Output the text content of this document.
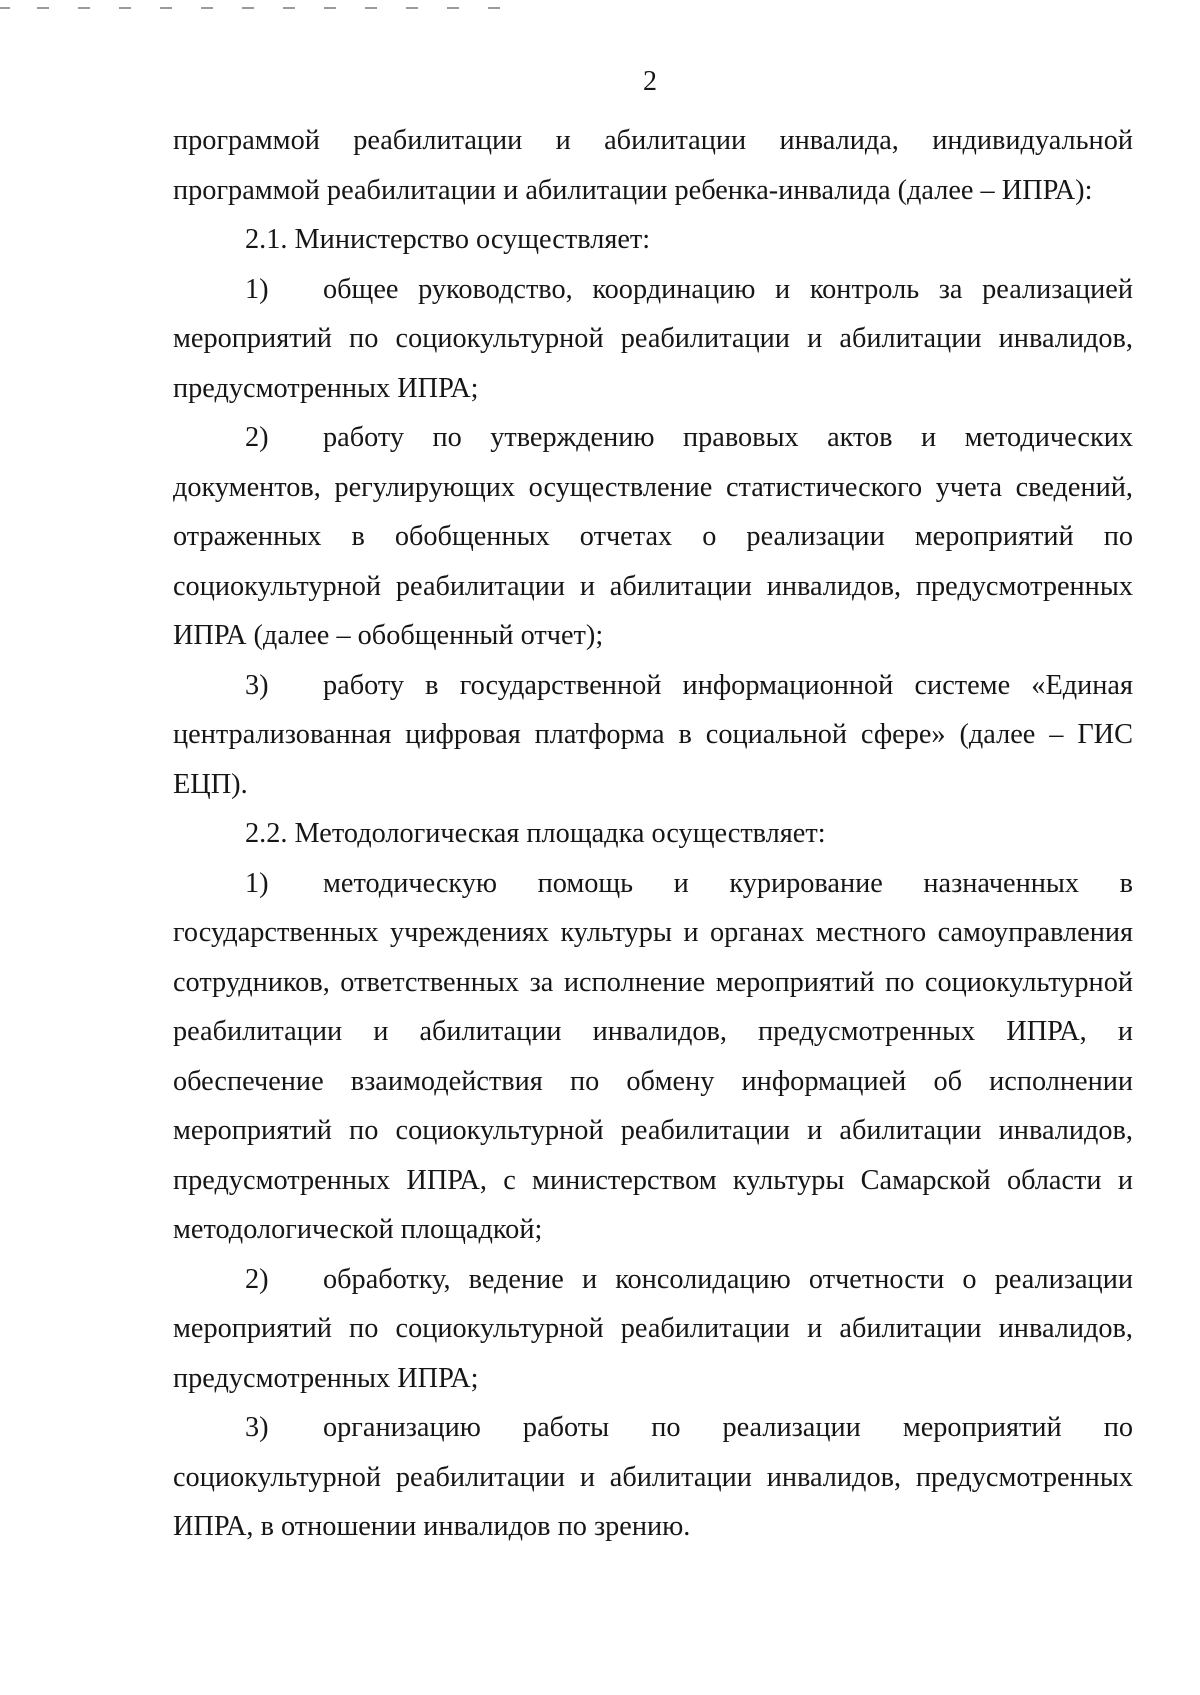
2

программой реабилитации и абилитации инвалида, индивидуальной программой реабилитации и абилитации ребенка-инвалида (далее – ИПРА):

2.1. Министерство осуществляет:

1) общее руководство, координацию и контроль за реализацией мероприятий по социокультурной реабилитации и абилитации инвалидов, предусмотренных ИПРА;

2) работу по утверждению правовых актов и методических документов, регулирующих осуществление статистического учета сведений, отраженных в обобщенных отчетах о реализации мероприятий по социокультурной реабилитации и абилитации инвалидов, предусмотренных ИПРА (далее – обобщенный отчет);

3) работу в государственной информационной системе «Единая централизованная цифровая платформа в социальной сфере» (далее – ГИС ЕЦП).

2.2. Методологическая площадка осуществляет:

1) методическую помощь и курирование назначенных в государственных учреждениях культуры и органах местного самоуправления сотрудников, ответственных за исполнение мероприятий по социокультурной реабилитации и абилитации инвалидов, предусмотренных ИПРА, и обеспечение взаимодействия по обмену информацией об исполнении мероприятий по социокультурной реабилитации и абилитации инвалидов, предусмотренных ИПРА, с министерством культуры Самарской области и методологической площадкой;

2) обработку, ведение и консолидацию отчетности о реализации мероприятий по социокультурной реабилитации и абилитации инвалидов, предусмотренных ИПРА;

3) организацию работы по реализации мероприятий по социокультурной реабилитации и абилитации инвалидов, предусмотренных ИПРА, в отношении инвалидов по зрению.
